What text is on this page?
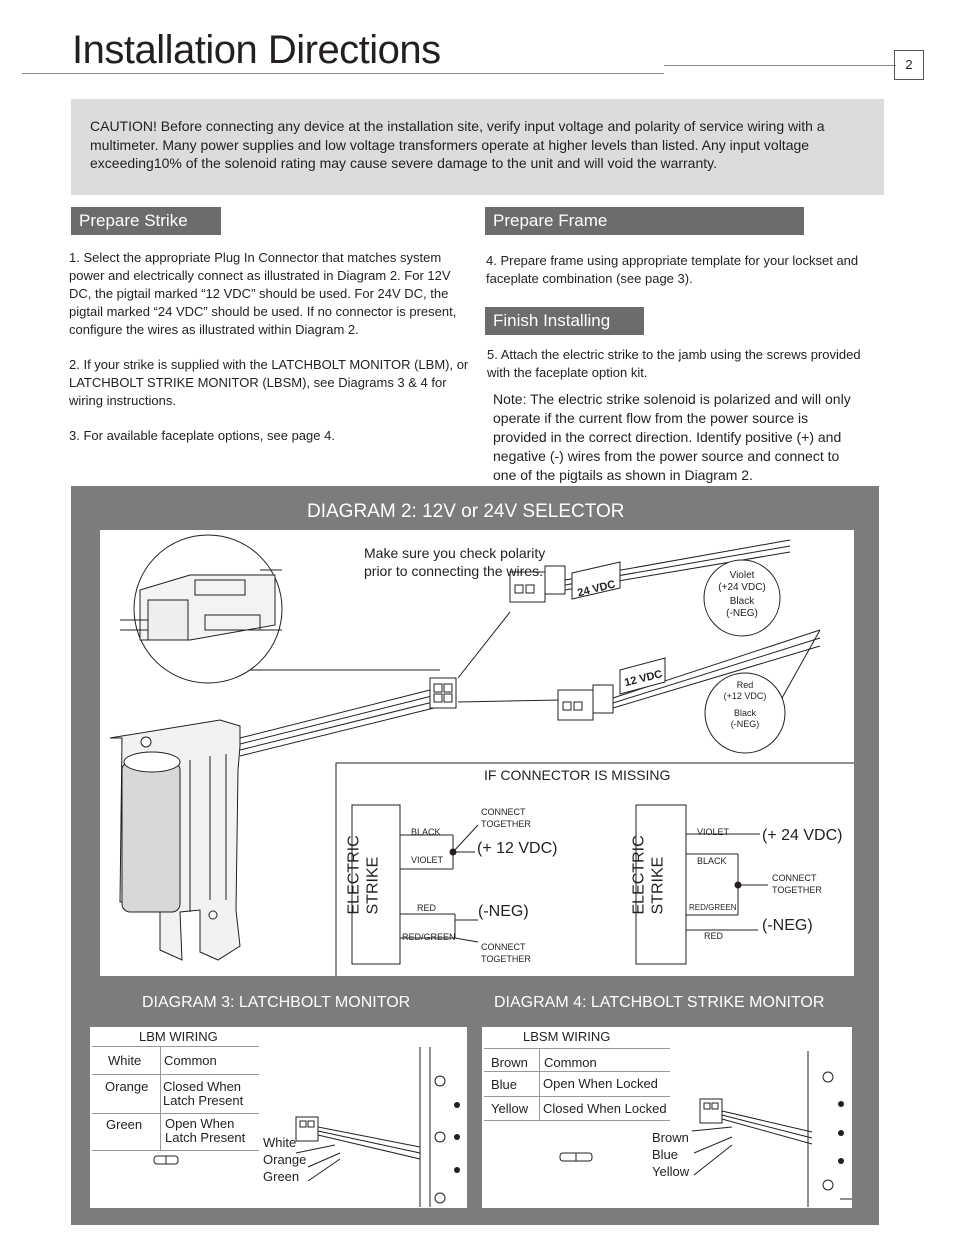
Installation Directions	2

CAUTION! Before connecting any device at the installation site, verify input voltage and polarity of service wiring with a multimeter. Many power supplies and low voltage transformers operate at higher levels than listed. Any input voltage exceeding10% of the solenoid rating may cause severe damage to the unit and will void the warranty.

Prepare Strike
1. Select the appropriate Plug In Connector that matches system power and electrically connect as illustrated in Diagram 2. For 12V DC, the pigtail marked “12 VDC” should be used. For 24V DC, the pigtail marked “24 VDC” should be used. If no connector is present, configure the wires as illustrated within Diagram 2.
2. If your strike is supplied with the LATCHBOLT MONITOR (LBM), or LATCHBOLT STRIKE MONITOR (LBSM), see Diagrams 3 & 4 for wiring instructions.
3. For available faceplate options, see page 4.
Prepare Frame
4. Prepare frame using appropriate template for your lockset and faceplate combination (see page 3).
Finish Installing
5. Attach the electric strike to the jamb using the screws provided with the faceplate option kit.
Note: The electric strike solenoid is polarized and will only operate if the current flow from the power source is provided in the correct direction. Identify positive (+) and negative (-) wires from the power source and connect to one of the pigtails as shown in Diagram 2.
DIAGRAM 2: 12V or 24V SELECTOR
24 VDC
12 VDC
Make sure you check polarity
prior to connecting the wires.	Violet
(+24 VDC)
Black
(-NEG)
Red
(+12 VDC)
Black
(-NEG)
IF CONNECTOR IS MISSING
ELECTRIC STRIKE
BLACK
VIOLET
RED
RED/GREEN
CONNECT
TOGETHER
CONNECT
TOGETHER
(+ 12 VDC)
(-NEG)	ELECTRIC STRIKE
VIOLET
BLACK
RED/GREEN
RED
CONNECT
TOGETHER
(+ 24 VDC)
(-NEG)
DIAGRAM 3: LATCHBOLT MONITOR
LBM WIRING
White Common
Orange Closed When Latch Present
Green Open When Latch Present	White
Orange
Green
DIAGRAM 4: LATCHBOLT STRIKE MONITOR
LBSM WIRING
Brown Common
Blue Open When Locked
Yellow Closed When Locked
Brown
Blue
Yellow
